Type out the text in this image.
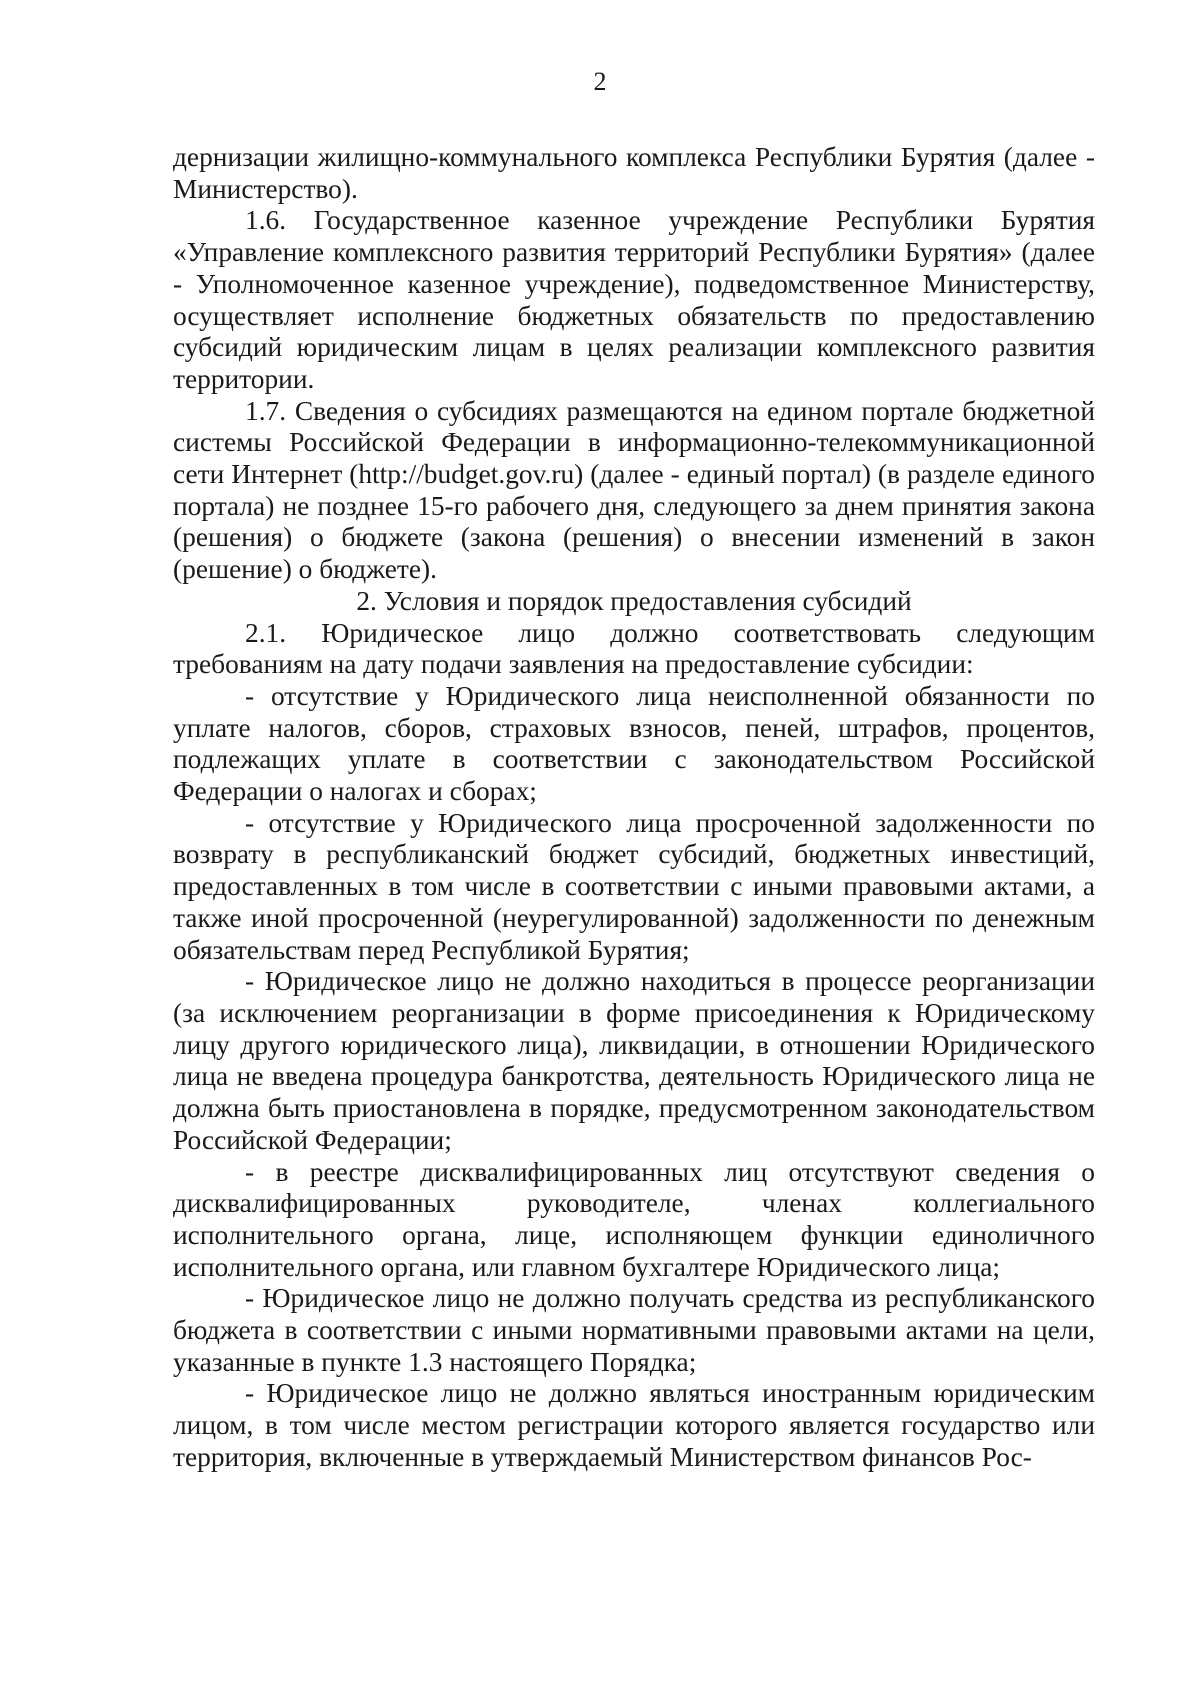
2

дернизации жилищно-коммунального комплекса Республики Бурятия (далее - Министерство).

1.6. Государственное казенное учреждение Республики Бурятия «Управление комплексного развития территорий Республики Бурятия» (далее - Уполномоченное казенное учреждение), подведомственное Министерству, осуществляет исполнение бюджетных обязательств по предоставлению субсидий юридическим лицам в целях реализации комплексного развития территории.

1.7. Сведения о субсидиях размещаются на едином портале бюджетной системы Российской Федерации в информационно-телекоммуникационной сети Интернет (http://budget.gov.ru) (далее - единый портал) (в разделе единого портала) не позднее 15-го рабочего дня, следующего за днем принятия закона (решения) о бюджете (закона (решения) о внесении изменений в закон (решение) о бюджете).

2. Условия и порядок предоставления субсидий

2.1. Юридическое лицо должно соответствовать следующим требованиям на дату подачи заявления на предоставление субсидии:

- отсутствие у Юридического лица неисполненной обязанности по уплате налогов, сборов, страховых взносов, пеней, штрафов, процентов, подлежащих уплате в соответствии с законодательством Российской Федерации о налогах и сборах;

- отсутствие у Юридического лица просроченной задолженности по возврату в республиканский бюджет субсидий, бюджетных инвестиций, предоставленных в том числе в соответствии с иными правовыми актами, а также иной просроченной (неурегулированной) задолженности по денежным обязательствам перед Республикой Бурятия;

- Юридическое лицо не должно находиться в процессе реорганизации (за исключением реорганизации в форме присоединения к Юридическому лицу другого юридического лица), ликвидации, в отношении Юридического лица не введена процедура банкротства, деятельность Юридического лица не должна быть приостановлена в порядке, предусмотренном законодательством Российской Федерации;

- в реестре дисквалифицированных лиц отсутствуют сведения о дисквалифицированных руководителе, членах коллегиального исполнительного органа, лице, исполняющем функции единоличного исполнительного органа, или главном бухгалтере Юридического лица;

- Юридическое лицо не должно получать средства из республиканского бюджета в соответствии с иными нормативными правовыми актами на цели, указанные в пункте 1.3 настоящего Порядка;

- Юридическое лицо не должно являться иностранным юридическим лицом, в том числе местом регистрации которого является государство или территория, включенные в утверждаемый Министерством финансов Рос-
